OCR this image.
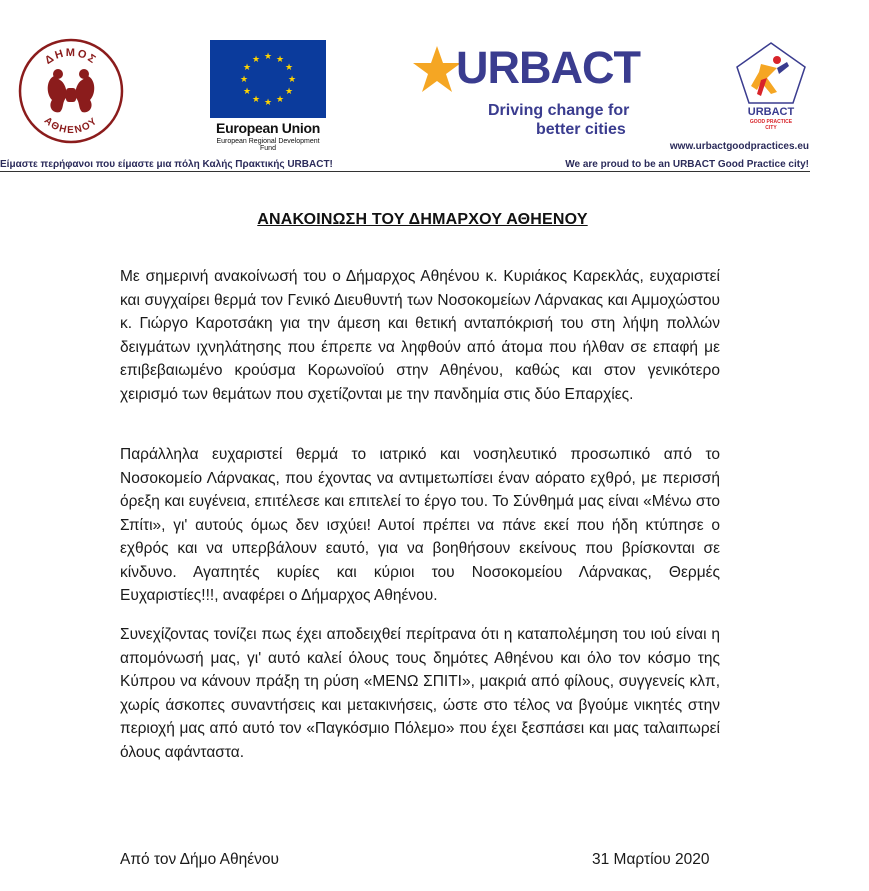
ΔΗΜΟΣ
ΑΘΗΕΝΟΥ
★ ★
★
★
★
★
★
★
★
★
★
★
European Union
European Regional Development Fund
URBACT
Driving change for
better cities
URBACT
GOOD PRACTICE
CITY
www.urbactgoodpractices.eu
Είμαστε περήφανοι που είμαστε μια πόλη Καλής Πρακτικής URBACT!	We are proud to be an URBACT Good Practice city!
ΑΝΑΚΟΙΝΩΣΗ ΤΟΥ ΔΗΜΑΡΧΟΥ ΑΘΗΕΝΟΥ
Με σημερινή ανακοίνωσή του ο Δήμαρχος Αθηένου κ. Κυριάκος Καρεκλάς, ευχαριστεί και συγχαίρει θερμά τον Γενικό Διευθυντή των Νοσοκομείων Λάρνακας και Αμμοχώστου κ. Γιώργο Καροτσάκη για την άμεση και θετική ανταπόκρισή του στη λήψη πολλών δειγμάτων ιχνηλάτησης που έπρεπε να ληφθούν από άτομα που ήλθαν σε επαφή με επιβεβαιωμένο κρούσμα Κορωνοϊού στην Αθηένου, καθώς και στον γενικότερο χειρισμό των θεμάτων που σχετίζονται με την πανδημία στις δύο Επαρχίες.
Παράλληλα ευχαριστεί θερμά το ιατρικό και νοσηλευτικό προσωπικό από το Νοσοκομείο Λάρνακας, που έχοντας να αντιμετωπίσει έναν αόρατο εχθρό, με περισσή όρεξη και ευγένεια, επιτέλεσε και επιτελεί το έργο του. Το Σύνθημά μας είναι «Μένω στο Σπίτι», γι' αυτούς όμως δεν ισχύει! Αυτοί πρέπει να πάνε εκεί που ήδη κτύπησε ο εχθρός και να υπερβάλουν εαυτό, για να βοηθήσουν εκείνους που βρίσκονται σε κίνδυνο. Αγαπητές κυρίες και κύριοι του Νοσοκομείου Λάρνακας, Θερμές Ευχαριστίες!!!, αναφέρει ο Δήμαρχος Αθηένου.
Συνεχίζοντας τονίζει πως έχει αποδειχθεί περίτρανα ότι η καταπολέμηση του ιού είναι η απομόνωσή μας, γι' αυτό καλεί όλους τους δημότες Αθηένου και όλο τον κόσμο της Κύπρου να κάνουν πράξη τη ρύση «ΜΕΝΩ ΣΠΙΤΙ», μακριά από φίλους, συγγενείς κλπ, χωρίς άσκοπες συναντήσεις και μετακινήσεις, ώστε στο τέλος να βγούμε νικητές στην περιοχή μας από αυτό τον «Παγκόσμιο Πόλεμο» που έχει ξεσπάσει και μας ταλαιπωρεί όλους αφάνταστα.
Από τον Δήμο Αθηένου	31 Μαρτίου 2020
